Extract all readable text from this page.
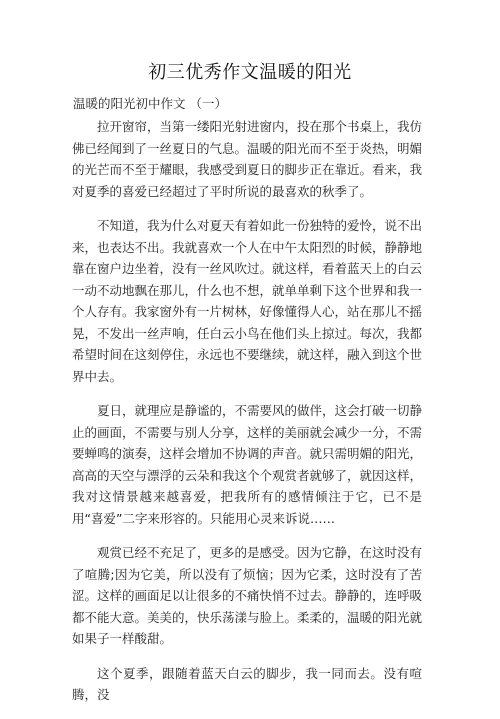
初三优秀作文温暖的阳光
温暖的阳光初中作文 （一）

拉开窗帘，当第一缕阳光射进窗内，投在那个书桌上，我仿佛已经闻到了一丝夏日的气息。温暖的阳光而不至于炎热，明媚的光芒而不至于耀眼，我感受到夏日的脚步正在靠近。看来，我对夏季的喜爱已经超过了平时所说的最喜欢的秋季了。

不知道，我为什么对夏天有着如此一份独特的爱怜，说不出来，也表达不出。我就喜欢一个人在中午太阳烈的时候，静静地靠在窗户边坐着，没有一丝风吹过。就这样，看着蓝天上的白云一动不动地飘在那儿，什么也不想，就单单剩下这个世界和我一个人存有。我家窗外有一片树林，好像懂得人心，站在那儿不摇晃，不发出一丝声响，任白云小鸟在他们头上掠过。每次，我都希望时间在这刻停住，永远也不要继续，就这样，融入到这个世界中去。

夏日，就理应是静谧的，不需要风的做伴，这会打破一切静止的画面，不需要与别人分享，这样的美丽就会减少一分，不需要蝉鸣的演奏，这样会增加不协调的声音。就只需明媚的阳光，高高的天空与漂浮的云朵和我这个个观赏者就够了，就因这样，我对这情景越来越喜爱，把我所有的感情倾注于它，已不是用“喜爱”二字来形容的。只能用心灵来诉说……

观赏已经不充足了，更多的是感受。因为它静，在这时没有了喧腾;因为它美，所以没有了烦恼；因为它柔，这时没有了苦涩。这样的画面足以让很多的不痛快悄不过去。静静的，连呼吸都不能大意。美美的，快乐荡漾与脸上。柔柔的，温暖的阳光就如果子一样酸甜。

这个夏季，跟随着蓝天白云的脚步，我一同而去。没有喧腾，没
